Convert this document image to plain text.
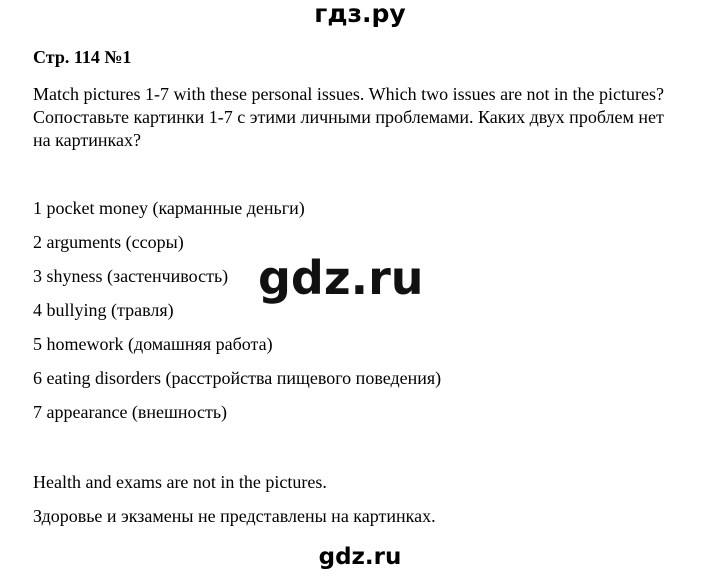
гдз.ру
Стр. 114 №1

Match pictures 1-7 with these personal issues. Which two issues are not in the pictures? Сопоставьте картинки 1-7 с этими личными проблемами. Каких двух проблем нет на картинках?

1 pocket money (карманные деньги)
2 arguments (ссоры)
3 shyness (застенчивость)
4 bullying (травля)
5 homework (домашняя работа)
6 eating disorders (расстройства пищевого поведения)
7 appearance (внешность)
gdz.ru

Health and exams are not in the pictures.

Здоровье и экзамены не представлены на картинках.

gdz.ru
